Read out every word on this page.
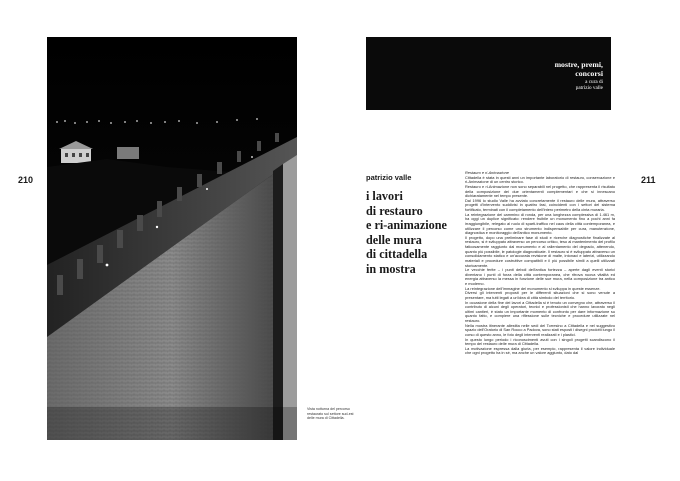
210
Vista notturna del percorso restaurato sul settore sud-est delle mura di Cittadella.
mostre, premi, concorsi
a cura di
patrizio valle
patrizio valle
i lavori
di restauro
e ri-animazione
delle mura
di cittadella
in mostra
211

Restauro e ri-Animazione

Cittadella è stata in questi anni un importante laboratorio di restauro, conservazione e ri-Animazione di un centro storico.

Restauro e ri-Animazione non sono separabili nel progetto, che rappresenta il risultato della composizione dei due orientamenti complementari e che si innescano dichiaratamente nel tempo presente.

Dal 1996 lo studio Valle ha avviato concretamente il restauro delle mura, attraverso progetti d'intervento suddivisi in quattro fasi, coincidenti con i settori del sistema fortificato, terminati con il completamento dell'intero perimetro della cinta muraria.

La reintegrazione del cammino di ronda, per una lunghezza complessiva di 1.461 m, ha oggi un duplice significato: rendere fruibile un monumento fino a pochi anni fa irraggiungibile, relegato al ruolo di sparti-traffico nel caos della città contemporanea, e utilizzare il percorso come uno strumento indispensabile per cura, manutenzione, diagnostica e monitoraggio dell'antico monumento.

Il progetto, dopo una preliminare fase di studi e ricerche diagnostiche finalizzate al restauro, si è sviluppato attraverso un percorso critico, teso al mantenimento del profilo faticosamente raggiunto dal monumento e al rallentamento del degrado, attenendo, quanto più possibile, le patologie diagnosticate. Il restauro si è sviluppato attraverso un consolidamento statico e un'accurata revisione di malte, intonaci e laterizi, utilizzando materiali e procedure costruttive compatibili e il più possibile simili a quelli utilizzati storicamente.

Le vecchie ferite – i punti deboli dell'antica fortezza – aperte dagli eventi storici diventano i punti di forza della città contemporanea, che ritrova nuova vitalità ed energia attraverso la messa in funzione delle sue mura, nella composizione tra antico e moderno.

La reintegrazione dell'immagine del monumento si sviluppa in queste essenze.

Diversi gli interventi proposti per le differenti situazioni che si sono venute a presentare, ma tutti legati a un'idea di città simbolo del territorio.

In occasione della fine dei lavori a Cittadella si è tenuto un convegno che, attraverso il contributo di alcuni degli operatori, tecnici e professionisti che hanno lavorato negli ultimi cantieri, è stato un importante momento di confronto per dare informazione su quanto fatto, e compiere una riflessione sulle tecniche e procedure utilizzate nel restauro.

Nella mostra itinerante allestita nelle sedi del Torresino a Cittadella e nel suggestivo spazio dell'Oratorio di San Rocco a Padova, sono stati esposti i disegni prodotti lungo il corso di questo anno, le foto degli interventi realizzati e i plastici.

In questo lungo periodo i riconoscimenti avuti con i singoli progetti scandiscono il tempo del restauro delle mura di Cittadella.

La motivazione espressa dalla giuria, per esempio, rappresenta il valore individuale che ogni progetto ha in sé, ma anche un valore aggiunto, dato dal
